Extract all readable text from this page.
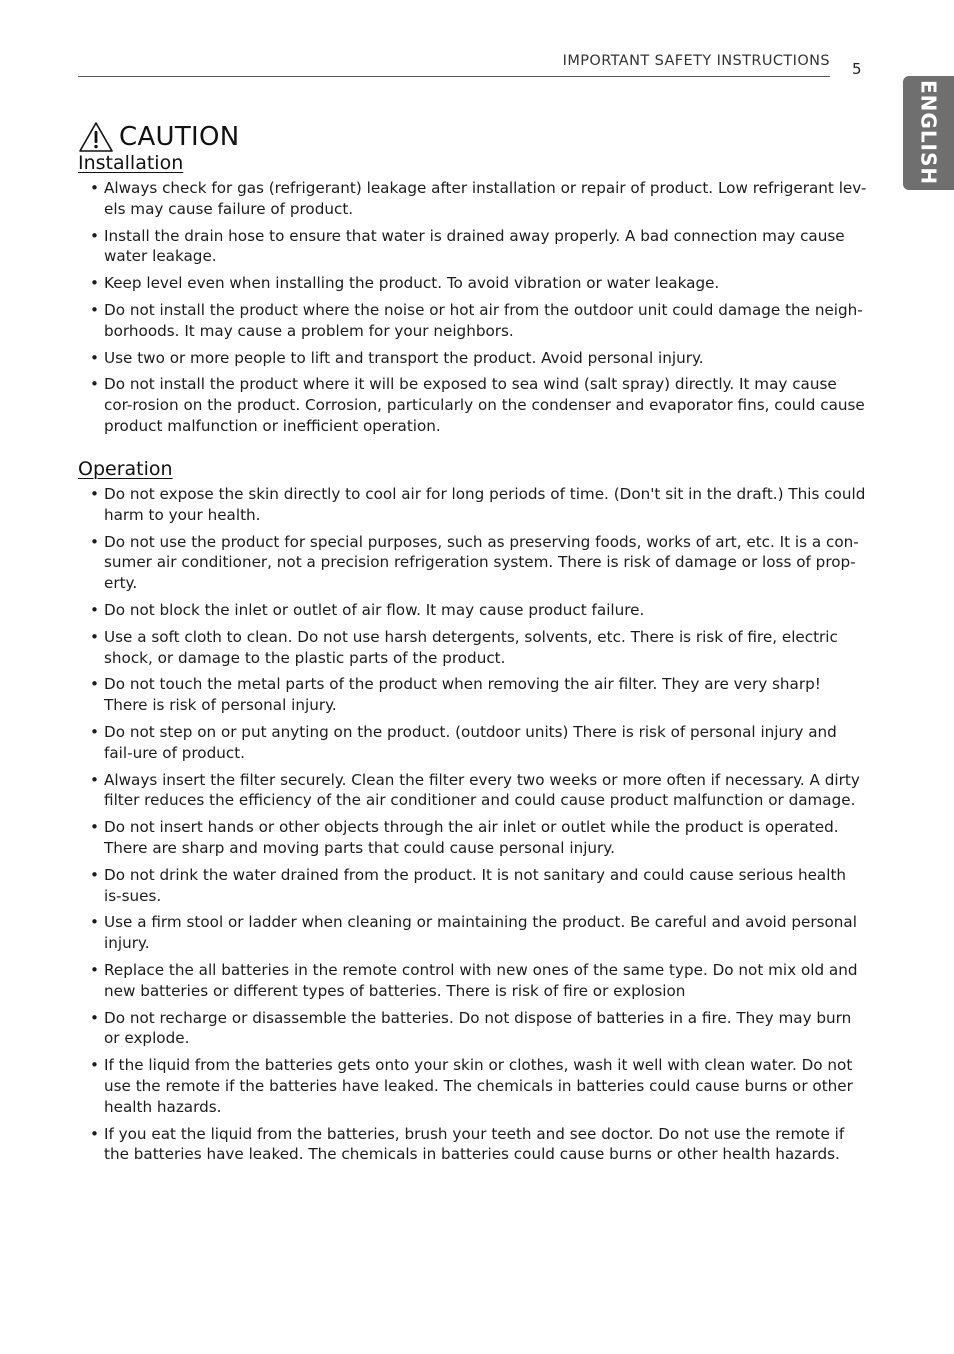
IMPORTANT SAFETY INSTRUCTIONS 5
ENGLISH
CAUTION
Installation
• Always check for gas (refrigerant) leakage after installation or repair of product. Low refrigerant lev-els may cause failure of product.
• Install the drain hose to ensure that water is drained away properly. A bad connection may cause water leakage.
• Keep level even when installing the product. To avoid vibration or water leakage.
• Do not install the product where the noise or hot air from the outdoor unit could damage the neigh-borhoods. It may cause a problem for your neighbors.
• Use two or more people to lift and transport the product. Avoid personal injury.
• Do not install the product where it will be exposed to sea wind (salt spray) directly. It may cause cor-rosion on the product. Corrosion, particularly on the condenser and evaporator fins, could cause product malfunction or inefficient operation.
Operation
• Do not expose the skin directly to cool air for long periods of time. (Don't sit in the draft.) This could harm to your health.
• Do not use the product for special purposes, such as preserving foods, works of art, etc. It is a con-sumer air conditioner, not a precision refrigeration system. There is risk of damage or loss of prop-erty.
• Do not block the inlet or outlet of air flow. It may cause product failure.
• Use a soft cloth to clean. Do not use harsh detergents, solvents, etc. There is risk of fire, electric shock, or damage to the plastic parts of the product.
• Do not touch the metal parts of the product when removing the air filter. They are very sharp! There is risk of personal injury.
• Do not step on or put anyting on the product. (outdoor units) There is risk of personal injury and fail-ure of product.
• Always insert the filter securely. Clean the filter every two weeks or more often if necessary. A dirty filter reduces the efficiency of the air conditioner and could cause product malfunction or damage.
• Do not insert hands or other objects through the air inlet or outlet while the product is operated. There are sharp and moving parts that could cause personal injury.
• Do not drink the water drained from the product. It is not sanitary and could cause serious health is-sues.
• Use a firm stool or ladder when cleaning or maintaining the product. Be careful and avoid personal injury.
• Replace the all batteries in the remote control with new ones of the same type. Do not mix old and new batteries or different types of batteries. There is risk of fire or explosion
• Do not recharge or disassemble the batteries. Do not dispose of batteries in a fire. They may burn or explode.
• If the liquid from the batteries gets onto your skin or clothes, wash it well with clean water. Do not use the remote if the batteries have leaked. The chemicals in batteries could cause burns or other health hazards.
• If you eat the liquid from the batteries, brush your teeth and see doctor. Do not use the remote if the batteries have leaked. The chemicals in batteries could cause burns or other health hazards.
